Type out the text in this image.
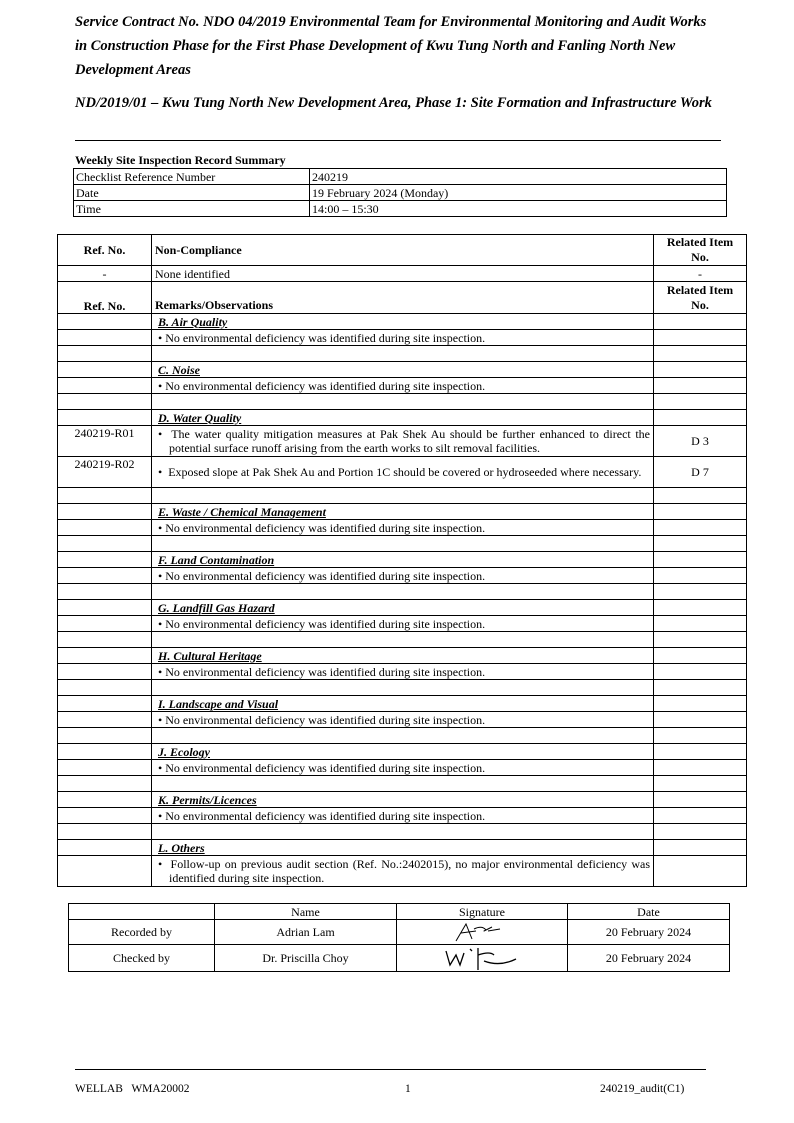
Service Contract No. NDO 04/2019 Environmental Team for Environmental Monitoring and Audit Works in Construction Phase for the First Phase Development of Kwu Tung North and Fanling North New Development Areas
ND/2019/01 – Kwu Tung North New Development Area, Phase 1: Site Formation and Infrastructure Work
Weekly Site Inspection Record Summary
Checklist Reference Number	240219
Date	19 February 2024 (Monday)
Time	14:00 – 15:30
Ref. No.	Non-Compliance	Related Item No.
-	None identified	-
Ref. No.	Remarks/Observations	Related Item No.
	B. Air Quality	
	• No environmental deficiency was identified during site inspection.	

	C. Noise	
	• No environmental deficiency was identified during site inspection.	

	D. Water Quality	
240219-R01	•  The water quality mitigation measures at Pak Shek Au should be further enhanced to direct the potential surface runoff arising from the earth works to silt removal facilities.	D 3
240219-R02	•  Exposed slope at Pak Shek Au and Portion 1C should be covered or hydroseeded where necessary.	D 7

	E. Waste / Chemical Management	
	• No environmental deficiency was identified during site inspection.	

	F. Land Contamination	
	• No environmental deficiency was identified during site inspection.	

	G. Landfill Gas Hazard	
	• No environmental deficiency was identified during site inspection.	

	H. Cultural Heritage	
	• No environmental deficiency was identified during site inspection.	

	I. Landscape and Visual	
	• No environmental deficiency was identified during site inspection.	

	J. Ecology	
	• No environmental deficiency was identified during site inspection.	

	K. Permits/Licences	
	• No environmental deficiency was identified during site inspection.	

	L. Others	
	•  Follow-up on previous audit section (Ref. No.:2402015), no major environmental deficiency was identified during site inspection.	
	Name	Signature	Date
Recorded by	Adrian Lam		20 February 2024
Checked by	Dr. Priscilla Choy		20 February 2024
WELLAB   WMA20002	1	240219_audit(C1)
